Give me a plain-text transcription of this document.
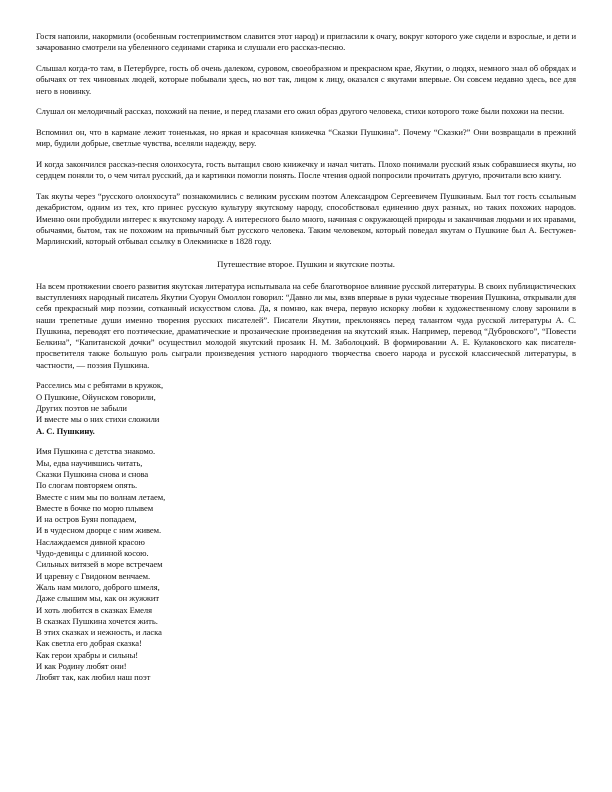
Гостя напоили, накормили (особенным гостеприимством славится этот народ) и пригласили к очагу, вокруг которого уже сидели и взрослые, и дети и зачарованно смотрели на убеленного сединами старика и слушали его рассказ-песню.

Слышал когда-то там, в Петербурге, гость об очень далеком, суровом, своеобразном и прекрасном крае, Якутии, о людях, немного знал об обрядах и обычаях от тех чиновных людей, которые побывали здесь, но вот так, лицом к лицу, оказался с якутами впервые. Он совсем недавно здесь, все для него в новинку.

Слушал он мелодичный рассказ, похожий на пение, и перед глазами его ожил образ другого человека, стихи которого тоже были похожи на песни.

Вспомнил он, что в кармане лежит тоненькая, но яркая и красочная книжечка “Сказки Пушкина”. Почему “Сказки?” Они возвращали в прежний мир, будили добрые, светлые чувства, вселяли надежду, веру.

И когда закончился рассказ-песня олонхосута, гость вытащил свою книжечку и начал читать. Плохо понимали русский язык собравшиеся якуты, но сердцем поняли то, о чем читал русский, да и картинки помогли понять. После чтения одной попросили прочитать другую, прочитали всю книгу.

Так якуты через “русского олонхосута” познакомились с великим русским поэтом Александром Сергеевичем Пушкиным. Был тот гость ссыльным декабристом, одним из тех, кто принес русскую культуру якутскому народу, способствовал единению двух разных, но таких похожих народов. Именно они пробудили интерес к якутскому народу. А интересного было много, начиная с окружающей природы и заканчивая людьми и их нравами, обычаями, бытом, так не похожим на привычный быт русского человека. Таким человеком, который поведал якутам о Пушкине был А. Бестужев-Марлинский, который отбывал ссылку в Олекминске в 1828 году.

Путешествие второе. Пушкин и якутские поэты.

На всем протяжении своего развития якутская литература испытывала на себе благотворное влияние русской литературы. В своих публицистических выступлениях народный писатель Якутии Суорун Омоллон говорил: “Давно ли мы, взяв впервые в руки чудесные творения Пушкина, открывали для себя прекрасный мир поэзии, сотканный искусством слова. Да, я помню, как вчера, первую искорку любви к художественному слову заронили в наши трепетные души именно творения русских писателей”. Писатели Якутии, преклоняясь перед талантом чуда русской литературы А. С. Пушкина, переводят его поэтические, драматические и прозаические произведения на якутский язык. Например, перевод “Дубровского”, “Повести Белкина”, “Капитанской дочки” осуществил молодой якутский прозаик Н. М. Заболоцкий. В формировании А. Е. Кулаковского как писателя-просветителя также большую роль сыграли произведения устного народного творчества своего народа и русской классической литературы, в частности, — поэзия Пушкина.

Расселись мы с ребятами в кружок,
О Пушкине, Ойунском говорили,
Других поэтов не забыли
И вместе мы о них стихи сложили
А. С. Пушкину.
Имя Пушкина с детства знакомо.
Мы, едва научившись читать,
Сказки Пушкина снова и снова
По слогам повторяем опять.
Вместе с ним мы по волнам летаем,
Вместе в бочке по морю плывем
И на остров Буян попадаем,
И в чудесном дворце с ним живем.
Наслаждаемся дивной красою
Чудо-девицы с длинной косою.
Сильных витязей в море встречаем
И царевну с Гвидоном венчаем.
Жаль нам милого, доброго шмеля,
Даже слышим мы, как он жужжит
И хоть любится в сказках Емеля
В сказках Пушкина хочется жить.
В этих сказках и нежность, и ласка
Как светла его добрая сказка!
Как герои храбры и сильны!
И как Родину любят они!
Любят так, как любил наш поэт
